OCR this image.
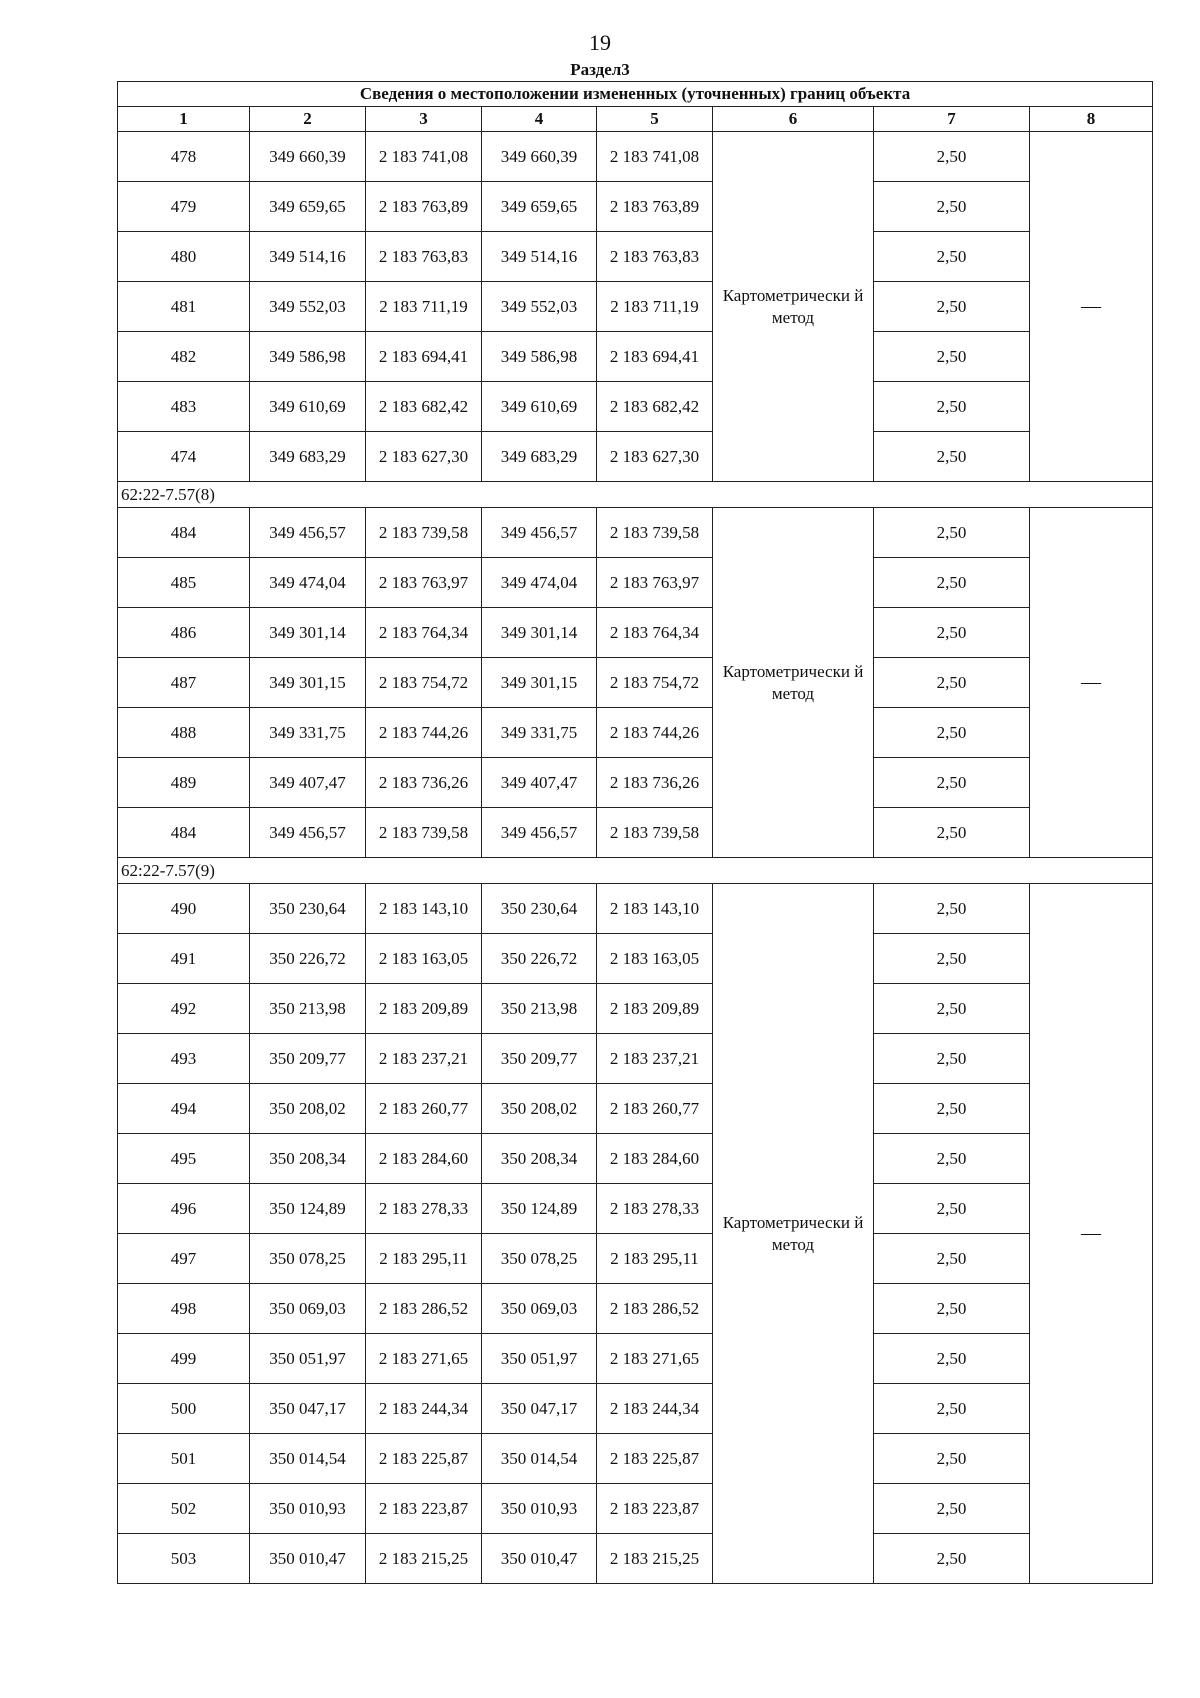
19
Раздел3
Сведения о местоположении измененных (уточненных) границ объекта							
1	2	3	4	5	6	7	8
478	349 660,39	2 183 741,08	349 660,39	2 183 741,08	Картометрически й метод	2,50	—
479	349 659,65	2 183 763,89	349 659,65	2 183 763,89		2,50	
480	349 514,16	2 183 763,83	349 514,16	2 183 763,83		2,50	
481	349 552,03	2 183 711,19	349 552,03	2 183 711,19		2,50	
482	349 586,98	2 183 694,41	349 586,98	2 183 694,41		2,50	
483	349 610,69	2 183 682,42	349 610,69	2 183 682,42		2,50	
474	349 683,29	2 183 627,30	349 683,29	2 183 627,30		2,50	
62:22-7.57(8)							
484	349 456,57	2 183 739,58	349 456,57	2 183 739,58	Картометрически й метод	2,50	—
485	349 474,04	2 183 763,97	349 474,04	2 183 763,97		2,50	
486	349 301,14	2 183 764,34	349 301,14	2 183 764,34		2,50	
487	349 301,15	2 183 754,72	349 301,15	2 183 754,72		2,50	
488	349 331,75	2 183 744,26	349 331,75	2 183 744,26		2,50	
489	349 407,47	2 183 736,26	349 407,47	2 183 736,26		2,50	
484	349 456,57	2 183 739,58	349 456,57	2 183 739,58		2,50	
62:22-7.57(9)							
490	350 230,64	2 183 143,10	350 230,64	2 183 143,10	Картометрически й метод	2,50	—
491	350 226,72	2 183 163,05	350 226,72	2 183 163,05		2,50	
492	350 213,98	2 183 209,89	350 213,98	2 183 209,89		2,50	
493	350 209,77	2 183 237,21	350 209,77	2 183 237,21		2,50	
494	350 208,02	2 183 260,77	350 208,02	2 183 260,77		2,50	
495	350 208,34	2 183 284,60	350 208,34	2 183 284,60		2,50	
496	350 124,89	2 183 278,33	350 124,89	2 183 278,33		2,50	
497	350 078,25	2 183 295,11	350 078,25	2 183 295,11		2,50	
498	350 069,03	2 183 286,52	350 069,03	2 183 286,52		2,50	
499	350 051,97	2 183 271,65	350 051,97	2 183 271,65		2,50	
500	350 047,17	2 183 244,34	350 047,17	2 183 244,34		2,50	
501	350 014,54	2 183 225,87	350 014,54	2 183 225,87		2,50	
502	350 010,93	2 183 223,87	350 010,93	2 183 223,87		2,50	
503	350 010,47	2 183 215,25	350 010,47	2 183 215,25		2,50	
